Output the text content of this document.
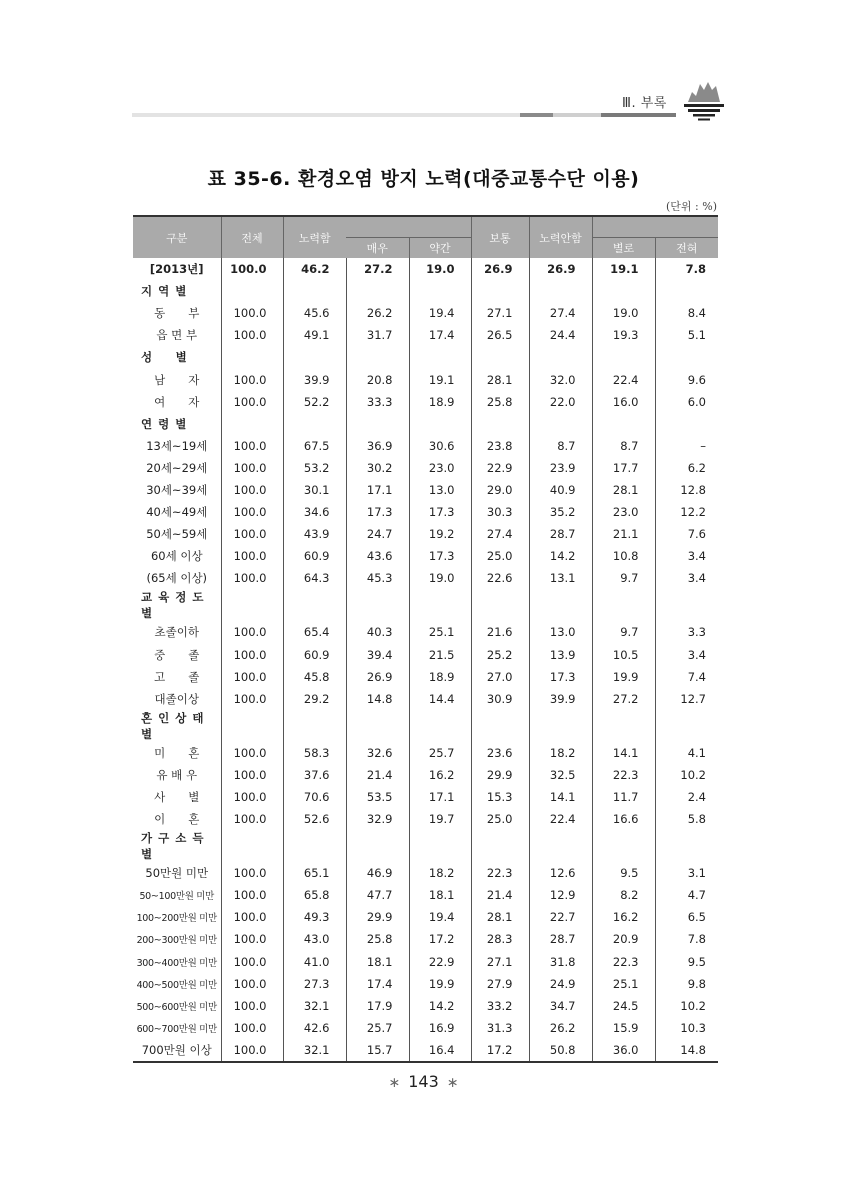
Ⅲ. 부록
표 35-6. 환경오염 방지 노력(대중교통수단 이용)
(단위 : %)
구분	전체	노력함			보통	노력안함		
			매우	약간			별로	전혀
[2013년]	100.0	46.2	27.2	19.0	26.9	26.9	19.1	7.8
지역별								
동　　부	100.0	45.6	26.2	19.4	27.1	27.4	19.0	8.4
읍 면 부	100.0	49.1	31.7	17.4	26.5	24.4	19.3	5.1
성　별								
남　　자	100.0	39.9	20.8	19.1	28.1	32.0	22.4	9.6
여　　자	100.0	52.2	33.3	18.9	25.8	22.0	16.0	6.0
연령별								
13세~19세	100.0	67.5	36.9	30.6	23.8	8.7	8.7	–
20세~29세	100.0	53.2	30.2	23.0	22.9	23.9	17.7	6.2
30세~39세	100.0	30.1	17.1	13.0	29.0	40.9	28.1	12.8
40세~49세	100.0	34.6	17.3	17.3	30.3	35.2	23.0	12.2
50세~59세	100.0	43.9	24.7	19.2	27.4	28.7	21.1	7.6
60세 이상	100.0	60.9	43.6	17.3	25.0	14.2	10.8	3.4
(65세 이상)	100.0	64.3	45.3	19.0	22.6	13.1	9.7	3.4
교육정도별								
초졸이하	100.0	65.4	40.3	25.1	21.6	13.0	9.7	3.3
중　　졸	100.0	60.9	39.4	21.5	25.2	13.9	10.5	3.4
고　　졸	100.0	45.8	26.9	18.9	27.0	17.3	19.9	7.4
대졸이상	100.0	29.2	14.8	14.4	30.9	39.9	27.2	12.7
혼인상태별								
미　　혼	100.0	58.3	32.6	25.7	23.6	18.2	14.1	4.1
유 배 우	100.0	37.6	21.4	16.2	29.9	32.5	22.3	10.2
사　　별	100.0	70.6	53.5	17.1	15.3	14.1	11.7	2.4
이　　혼	100.0	52.6	32.9	19.7	25.0	22.4	16.6	5.8
가구소득별								
50만원 미만	100.0	65.1	46.9	18.2	22.3	12.6	9.5	3.1
50~100만원 미만	100.0	65.8	47.7	18.1	21.4	12.9	8.2	4.7
100~200만원 미만	100.0	49.3	29.9	19.4	28.1	22.7	16.2	6.5
200~300만원 미만	100.0	43.0	25.8	17.2	28.3	28.7	20.9	7.8
300~400만원 미만	100.0	41.0	18.1	22.9	27.1	31.8	22.3	9.5
400~500만원 미만	100.0	27.3	17.4	19.9	27.9	24.9	25.1	9.8
500~600만원 미만	100.0	32.1	17.9	14.2	33.2	34.7	24.5	10.2
600~700만원 미만	100.0	42.6	25.7	16.9	31.3	26.2	15.9	10.3
700만원 이상	100.0	32.1	15.7	16.4	17.2	50.8	36.0	14.8
∗ 143 ∗
